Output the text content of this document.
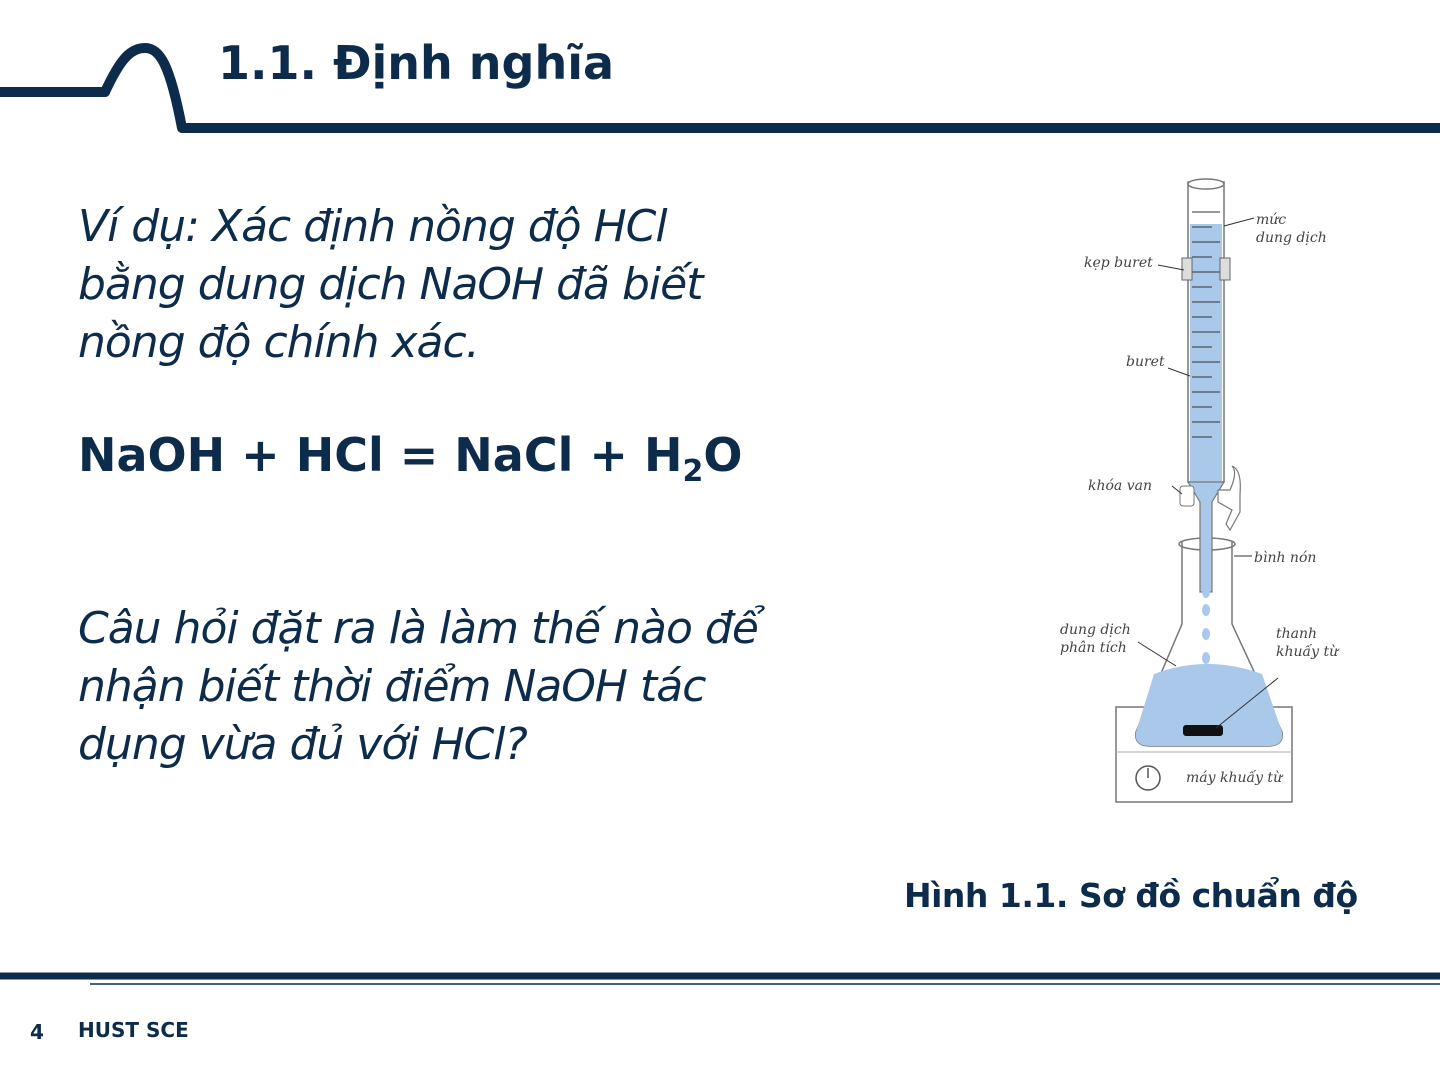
1.1. Định nghĩa
Ví dụ: Xác định nồng độ HCl bằng dung dịch NaOH đã biết nồng độ chính xác.
NaOH + HCl = NaCl + $H_2O$
Câu hỏi đặt ra là làm thế nào để nhận biết thời điểm NaOH tác dụng vừa đủ với HCl?
mức
dung dịch
kẹp buret
buret
khóa van
bình nón
dung dịch
phân tích
thanh
khuấy từ
máy khuấy từ

Hình 1.1. Sơ đồ chuẩn độ

4 HUST SCE
